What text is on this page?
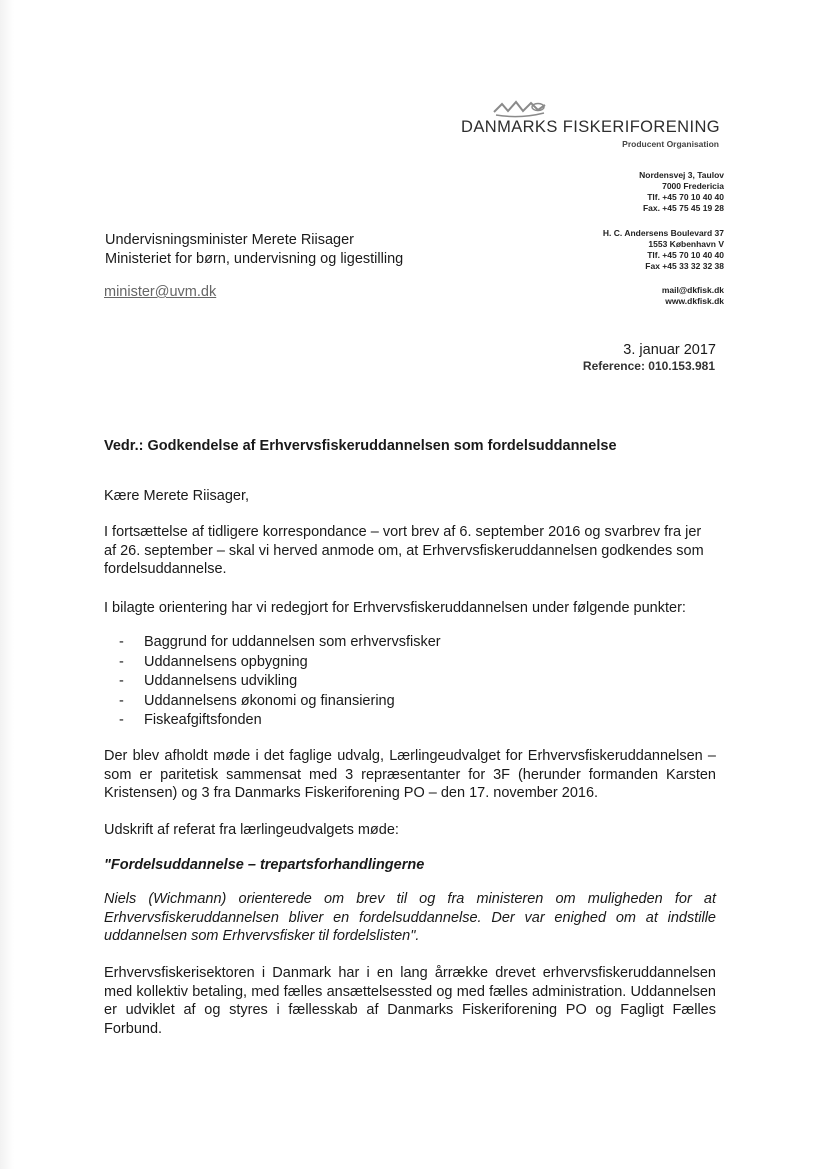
DANMARKS FISKERIFORENING
Producent Organisation
Nordensvej 3, Taulov
7000 Fredericia
Tlf. +45 70 10 40 40
Fax. +45 75 45 19 28
H. C. Andersens Boulevard 37
1553 København V
Tlf. +45 70 10 40 40
Fax +45 33 32 32 38
mail@dkfisk.dk
www.dkfisk.dk
Undervisningsminister Merete Riisager
Ministeriet for børn, undervisning og ligestilling
minister@uvm.dk
3. januar 2017
Reference: 010.153.981
Vedr.: Godkendelse af Erhvervsfiskeruddannelsen som fordelsuddannelse
Kære Merete Riisager,
I fortsættelse af tidligere korrespondance – vort brev af 6. september 2016 og svarbrev fra jer af 26. september – skal vi herved anmode om, at Erhvervsfiskeruddannelsen godkendes som fordelsuddannelse.
I bilagte orientering har vi redegjort for Erhvervsfiskeruddannelsen under følgende punkter:
-	Baggrund for uddannelsen som erhvervsfisker
-	Uddannelsens opbygning
-	Uddannelsens udvikling
-	Uddannelsens økonomi og finansiering
-	Fiskeafgiftsfonden
Der blev afholdt møde i det faglige udvalg, Lærlingeudvalget for Erhvervsfiskeruddannelsen – som er paritetisk sammensat med 3 repræsentanter for 3F (herunder formanden Karsten Kristensen) og 3 fra Danmarks Fiskeriforening PO – den 17. november 2016.
Udskrift af referat fra lærlingeudvalgets møde:
"Fordelsuddannelse – trepartsforhandlingerne
Niels (Wichmann) orienterede om brev til og fra ministeren om muligheden for at Erhvervsfiskeruddannelsen bliver en fordelsuddannelse. Der var enighed om at indstille uddannelsen som Erhvervsfisker til fordelslisten".
Erhvervsfiskerisektoren i Danmark har i en lang årrække drevet erhvervsfiskeruddannelsen med kollektiv betaling, med fælles ansættelsessted og med fælles administration. Uddannelsen er udviklet af og styres i fællesskab af Danmarks Fiskeriforening PO og Fagligt Fælles Forbund.
